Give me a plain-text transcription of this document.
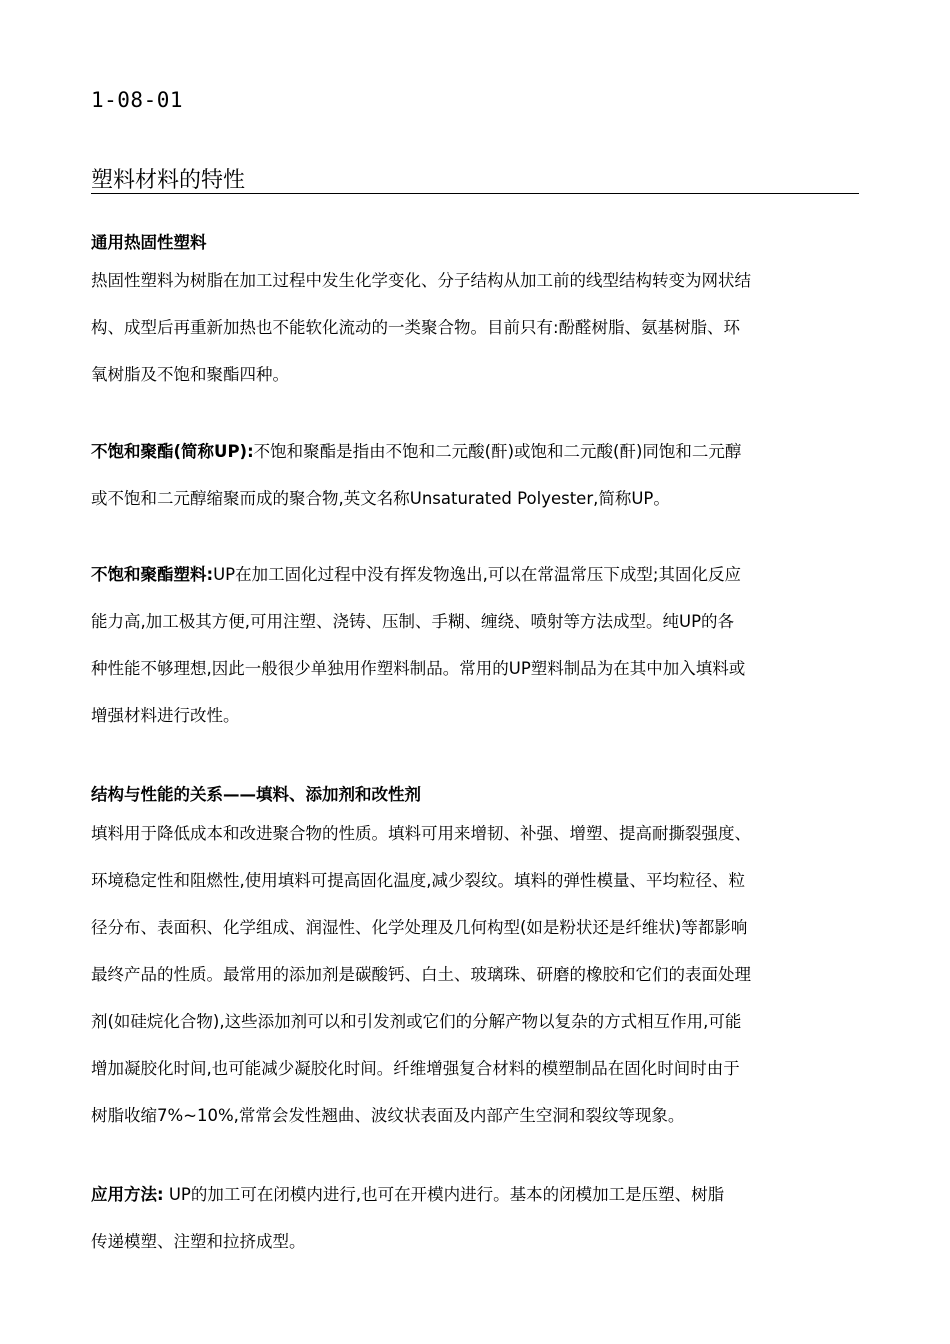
1-08-01
塑料材料的特性
通用热固性塑料
热固性塑料为树脂在加工过程中发生化学变化、分子结构从加工前的线型结构转变为网状结
构、成型后再重新加热也不能软化流动的一类聚合物。目前只有:酚醛树脂、氨基树脂、环
氧树脂及不饱和聚酯四种。
不饱和聚酯(简称UP):不饱和聚酯是指由不饱和二元酸(酐)或饱和二元酸(酐)同饱和二元醇
或不饱和二元醇缩聚而成的聚合物,英文名称Unsaturated Polyester,简称UP。
不饱和聚酯塑料:UP在加工固化过程中没有挥发物逸出,可以在常温常压下成型;其固化反应
能力高,加工极其方便,可用注塑、浇铸、压制、手糊、缠绕、喷射等方法成型。纯UP的各
种性能不够理想,因此一般很少单独用作塑料制品。常用的UP塑料制品为在其中加入填料或
增强材料进行改性。
结构与性能的关系——填料、添加剂和改性剂
填料用于降低成本和改进聚合物的性质。填料可用来增韧、补强、增塑、提高耐撕裂强度、
环境稳定性和阻燃性,使用填料可提高固化温度,减少裂纹。填料的弹性模量、平均粒径、粒
径分布、表面积、化学组成、润湿性、化学处理及几何构型(如是粉状还是纤维状)等都影响
最终产品的性质。最常用的添加剂是碳酸钙、白土、玻璃珠、研磨的橡胶和它们的表面处理
剂(如硅烷化合物),这些添加剂可以和引发剂或它们的分解产物以复杂的方式相互作用,可能
增加凝胶化时间,也可能减少凝胶化时间。纤维增强复合材料的模塑制品在固化时间时由于
树脂收缩7%~10%,常常会发性翘曲、波纹状表面及内部产生空洞和裂纹等现象。
应用方法: UP的加工可在闭模内进行,也可在开模内进行。基本的闭模加工是压塑、树脂
传递模塑、注塑和拉挤成型。
